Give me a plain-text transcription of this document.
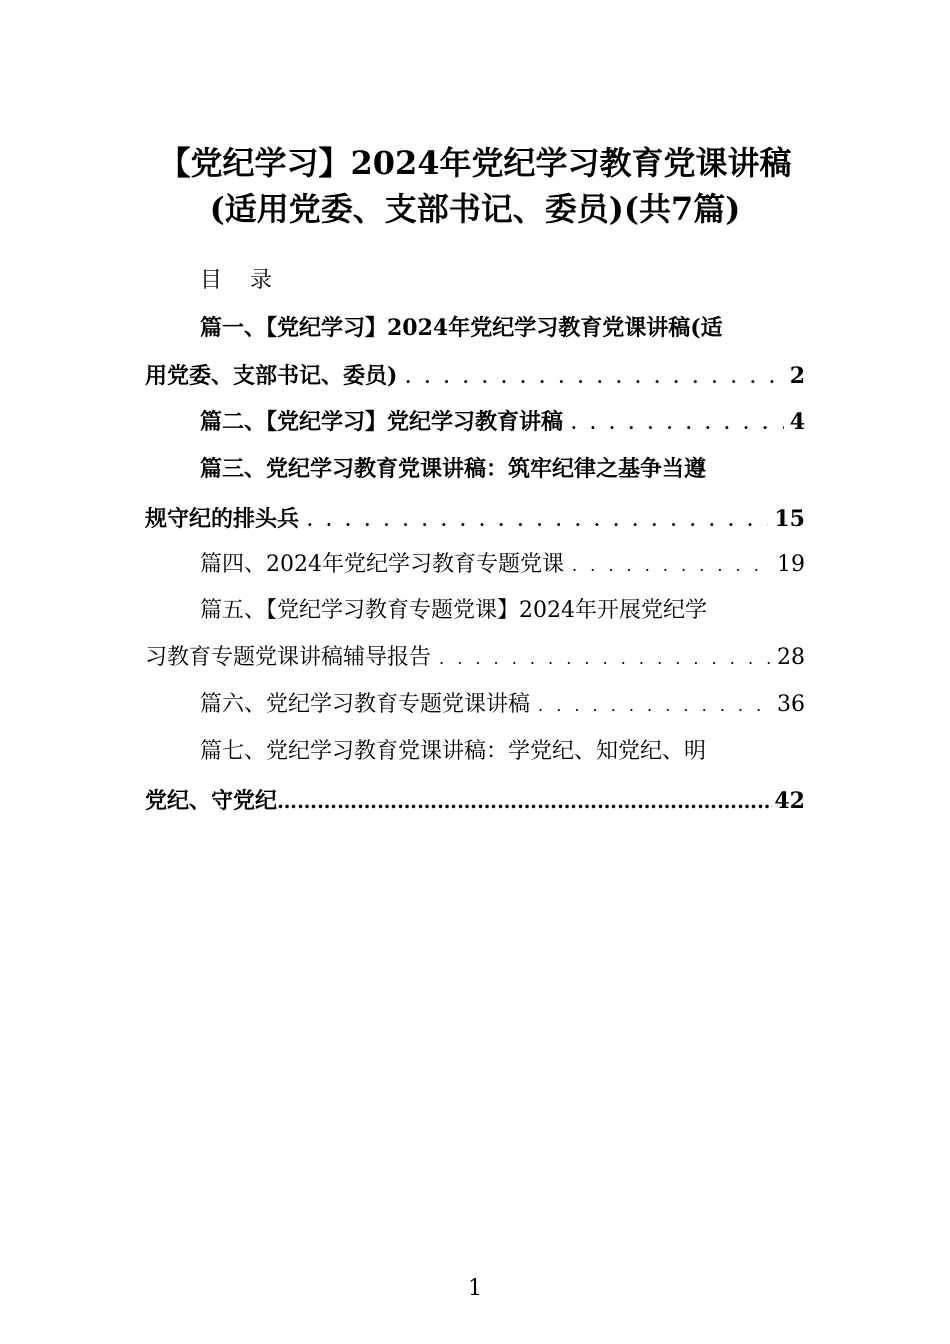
【党纪学习】2024年党纪学习教育党课讲稿
(适用党委、支部书记、委员)(共7篇)
目录
篇一、【党纪学习】2024年党纪学习教育党课讲稿(适
用党委、支部书记、委员) . . .	2
篇二、【党纪学习】党纪学习教育讲稿 . . .	4
篇三、党纪学习教育党课讲稿：筑牢纪律之基争当遵
规守纪的排头兵 . . .	15
篇四、2024年党纪学习教育专题党课 . . .	19
篇五、【党纪学习教育专题党课】2024年开展党纪学
习教育专题党课讲稿辅导报告 . . .	28
篇六、党纪学习教育专题党课讲稿 . . .	36
篇七、党纪学习教育党课讲稿：学党纪、知党纪、明
党纪、守党纪 ……………………………………………………………………………………………………………………	42
1
